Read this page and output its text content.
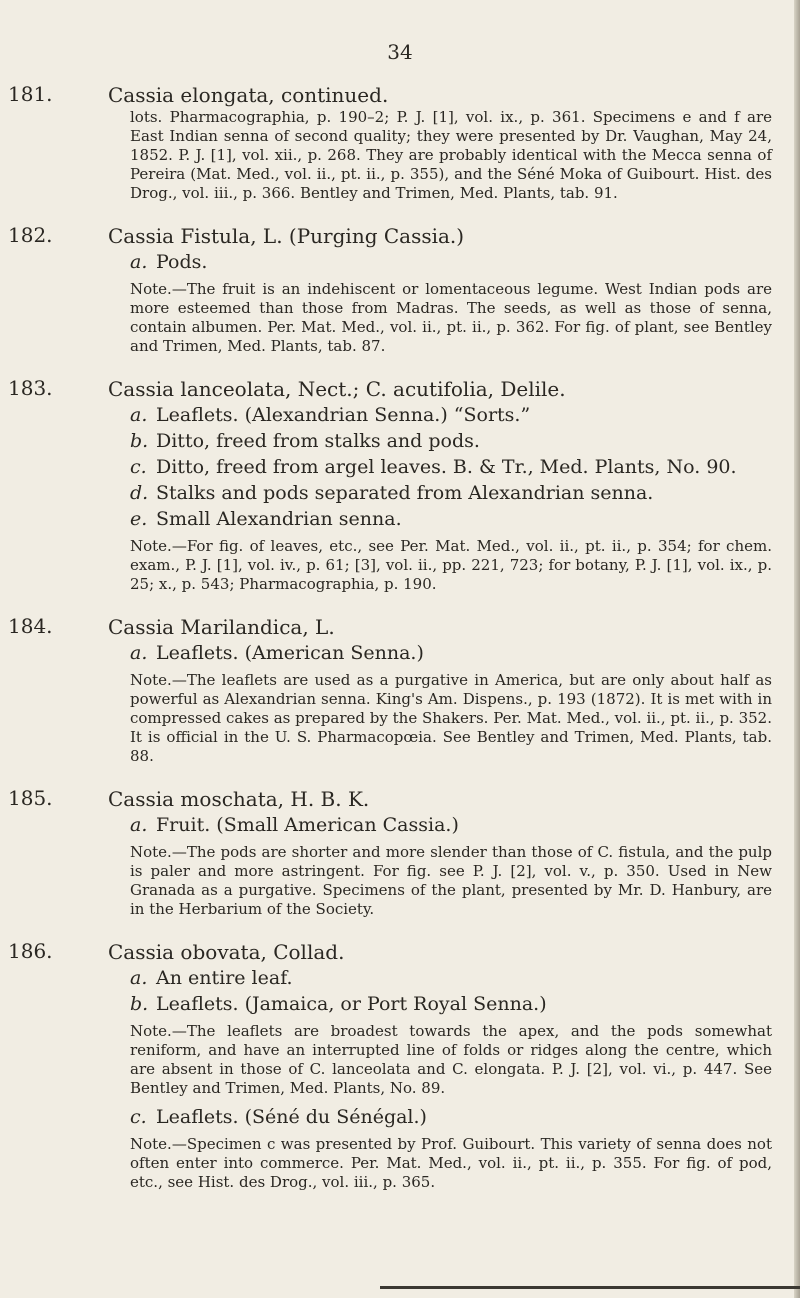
34
181.	Cassia elongata, continued.
lots. Pharmacographia, p. 190–2; P. J. [1], vol. ix., p. 361. Specimens e and f are East Indian senna of second quality; they were presented by Dr. Vaughan, May 24, 1852. P. J. [1], vol. xii., p. 268. They are probably identical with the Mecca senna of Pereira (Mat. Med., vol. ii., pt. ii., p. 355), and the Séné Moka of Guibourt. Hist. des Drog., vol. iii., p. 366. Bentley and Trimen, Med. Plants, tab. 91.
182.	Cassia Fistula, L. (Purging Cassia.)
a. Pods.
Note.—The fruit is an indehiscent or lomentaceous legume. West Indian pods are more esteemed than those from Madras. The seeds, as well as those of senna, contain albumen. Per. Mat. Med., vol. ii., pt. ii., p. 362. For fig. of plant, see Bentley and Trimen, Med. Plants, tab. 87.
183.	Cassia lanceolata, Nect.; C. acutifolia, Delile.
a. Leaflets. (Alexandrian Senna.) “Sorts.”
b. Ditto, freed from stalks and pods.
c. Ditto, freed from argel leaves. B. & Tr., Med. Plants, No. 90.
d. Stalks and pods separated from Alexandrian senna.
e. Small Alexandrian senna.
Note.—For fig. of leaves, etc., see Per. Mat. Med., vol. ii., pt. ii., p. 354; for chem. exam., P. J. [1], vol. iv., p. 61; [3], vol. ii., pp. 221, 723; for botany, P. J. [1], vol. ix., p. 25; x., p. 543; Pharmacographia, p. 190.
184.	Cassia Marilandica, L.
a. Leaflets. (American Senna.)
Note.—The leaflets are used as a purgative in America, but are only about half as powerful as Alexandrian senna. King's Am. Dispens., p. 193 (1872). It is met with in compressed cakes as prepared by the Shakers. Per. Mat. Med., vol. ii., pt. ii., p. 352. It is official in the U. S. Pharmacopœia. See Bentley and Trimen, Med. Plants, tab. 88.
185.	Cassia moschata, H. B. K.
a. Fruit. (Small American Cassia.)
Note.—The pods are shorter and more slender than those of C. fistula, and the pulp is paler and more astringent. For fig. see P. J. [2], vol. v., p. 350. Used in New Granada as a purgative. Specimens of the plant, presented by Mr. D. Hanbury, are in the Herbarium of the Society.
186.	Cassia obovata, Collad.
a. An entire leaf.
b. Leaflets. (Jamaica, or Port Royal Senna.)
Note.—The leaflets are broadest towards the apex, and the pods somewhat reniform, and have an interrupted line of folds or ridges along the centre, which are absent in those of C. lanceolata and C. elongata. P. J. [2], vol. vi., p. 447. See Bentley and Trimen, Med. Plants, No. 89.
c. Leaflets. (Séné du Sénégal.)
Note.—Specimen c was presented by Prof. Guibourt. This variety of senna does not often enter into commerce. Per. Mat. Med., vol. ii., pt. ii., p. 355. For fig. of pod, etc., see Hist. des Drog., vol. iii., p. 365.
